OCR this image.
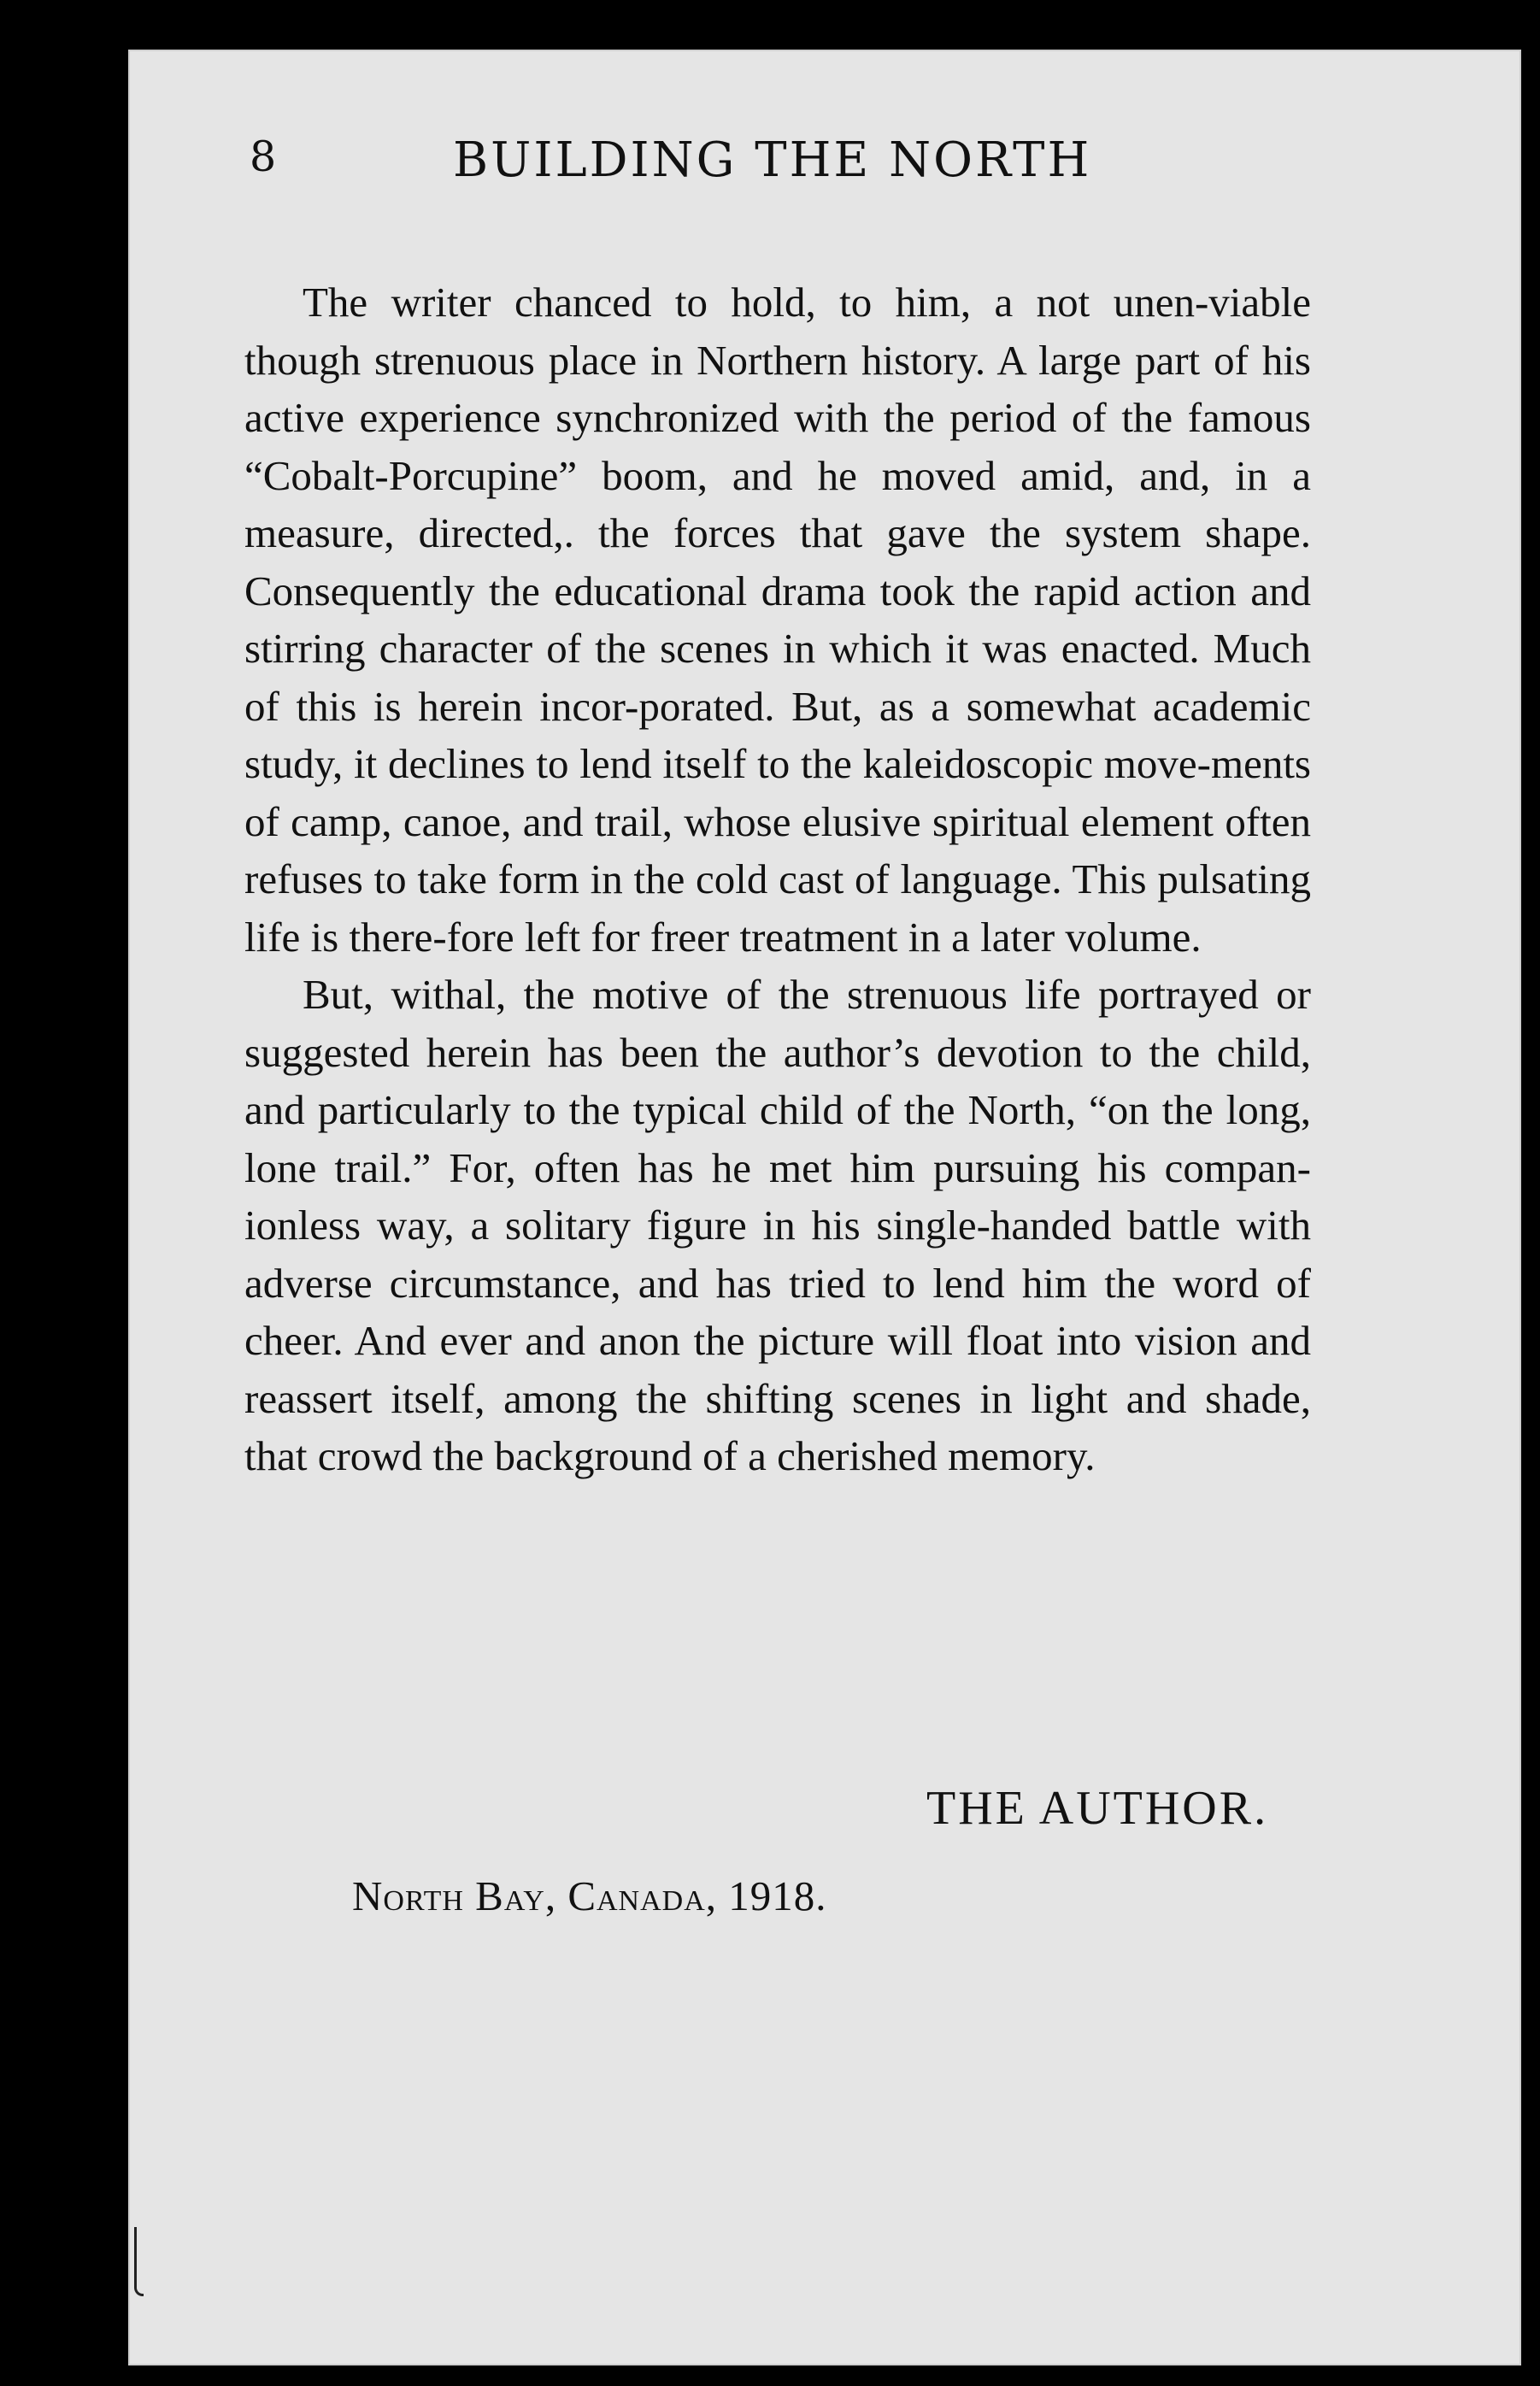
8	BUILDING THE NORTH

The writer chanced to hold, to him, a not unen-viable though strenuous place in Northern history. A large part of his active experience synchronized with the period of the famous “Cobalt-Porcupine” boom, and he moved amid, and, in a measure, directed,. the forces that gave the system shape. Consequently the educational drama took the rapid action and stirring character of the scenes in which it was enacted. Much of this is herein incor-porated. But, as a somewhat academic study, it declines to lend itself to the kaleidoscopic move-ments of camp, canoe, and trail, whose elusive spiritual element often refuses to take form in the cold cast of language. This pulsating life is there-fore left for freer treatment in a later volume.

But, withal, the motive of the strenuous life portrayed or suggested herein has been the author’s devotion to the child, and particularly to the typical child of the North, “on the long, lone trail.” For, often has he met him pursuing his compan-ionless way, a solitary figure in his single-handed battle with adverse circumstance, and has tried to lend him the word of cheer. And ever and anon the picture will float into vision and reassert itself, among the shifting scenes in light and shade, that crowd the background of a cherished memory.

THE AUTHOR.
North Bay, Canada, 1918.
